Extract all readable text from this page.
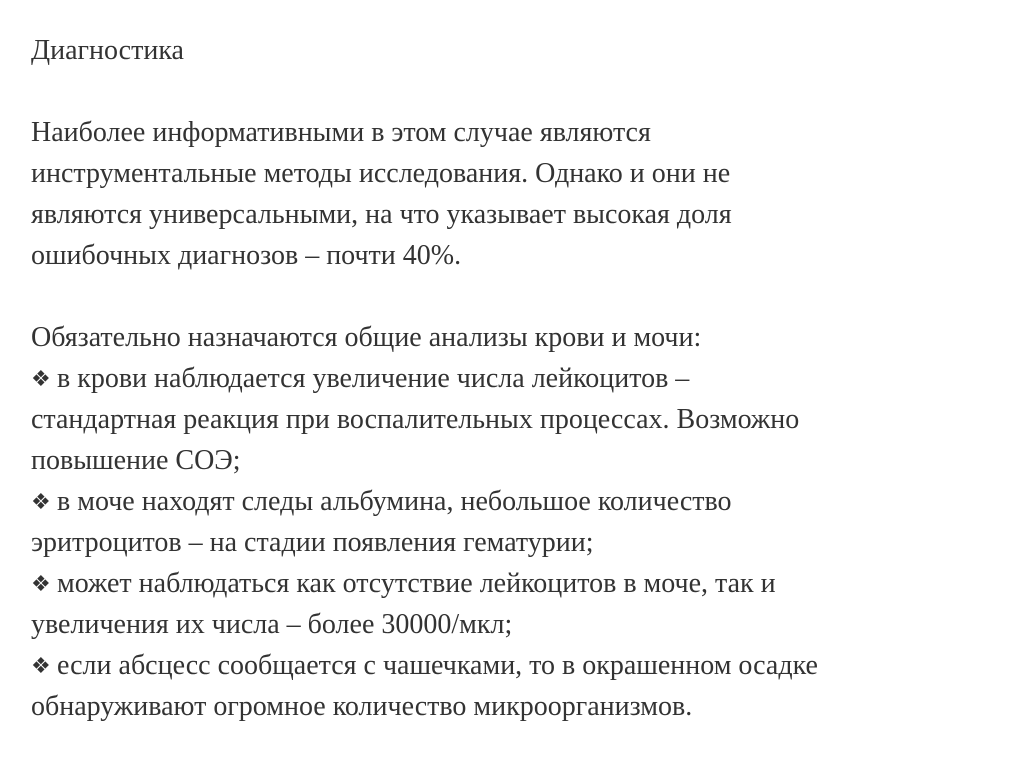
Диагностика
Наиболее информативными в этом случае являются
инструментальные методы исследования. Однако и они не
являются универсальными, на что указывает высокая доля
ошибочных диагнозов – почти 40%.
Обязательно назначаются общие анализы крови и мочи:
❖ в крови наблюдается увеличение числа лейкоцитов –
стандартная реакция при воспалительных процессах. Возможно
повышение СОЭ;
❖ в моче находят следы альбумина, небольшое количество
эритроцитов – на стадии появления гематурии;
❖ может наблюдаться как отсутствие лейкоцитов в моче, так и
увеличения их числа – более 30000/мкл;
❖ если абсцесс сообщается с чашечками, то в окрашенном осадке
обнаруживают огромное количество микроорганизмов.
